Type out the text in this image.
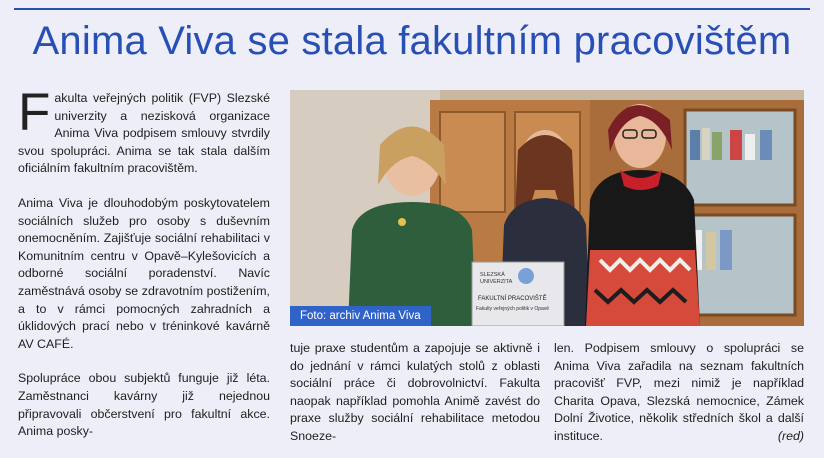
Anima Viva se stala fakultním pracovištěm

Fakulta veřejných politik (FVP) Slezské univerzity a nezisková organizace Anima Viva podpisem smlouvy stvrdily svou spolupráci. Anima se tak stala dalším oficiálním fakultním pracovištěm.

Anima Viva je dlouhodobým poskytovatelem sociálních služeb pro osoby s duševním onemocněním. Zajišťuje sociální rehabilitaci v Komunitním centru v Opavě–Kylešovicích a odborné sociální poradenství. Navíc zaměstnává osoby se zdravotním postižením, a to v rámci pomocných zahradních a úklidových prací nebo v tréninkové kavárně AV CAFÉ.

Spolupráce obou subjektů funguje již léta. Zaměstnanci kavárny již nejednou připravovali občerstvení pro fakultní akce. Anima posky-

SLEZSKÁ
UNIVERZITA
FAKULTNÍ PRACOVIŠTĚ
Fakulty veřejných politik v Opavě
Foto: archiv Anima Viva

tuje praxe studentům a zapojuje se aktivně i do jednání v rámci kulatých stolů z oblasti sociální práce či dobrovolnictví. Fakulta naopak například pomohla Animě zavést do praxe služby sociální rehabilitace metodou Snoeze-

len. Podpisem smlouvy o spolupráci se Anima Viva zařadila na seznam fakultních pracovišť FVP, mezi nimiž je například Charita Opava, Slezská nemocnice, Zámek Dolní Životice, několik středních škol a další instituce.	(red)
